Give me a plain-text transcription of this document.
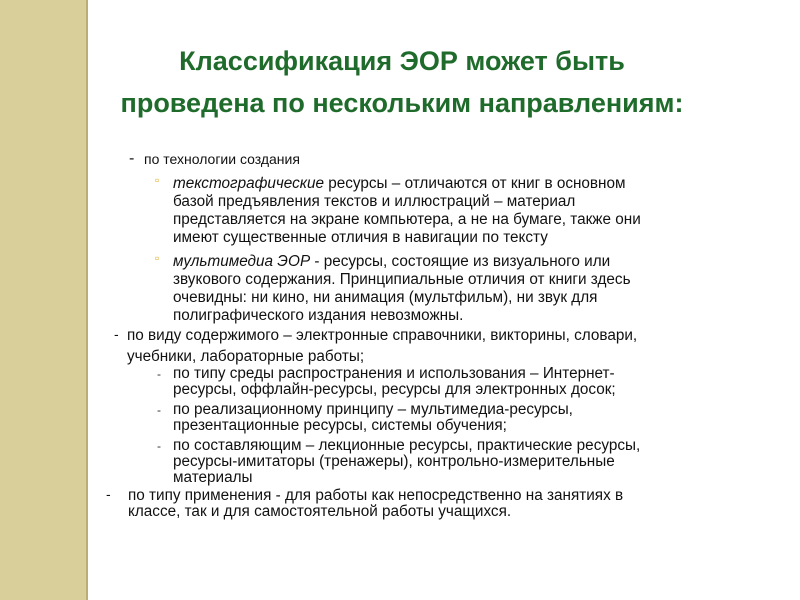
Классификация ЭОР может быть
проведена по нескольким направлениям:
- по технологии создания
▫ текстографические ресурсы – отличаются от книг в основном
базой предъявления текстов и иллюстраций – материал
представляется на экране компьютера, а не на бумаге, также они
имеют существенные отличия в навигации по тексту
▫ мультимедиа ЭОР - ресурсы, состоящие из визуального или
звукового содержания. Принципиальные отличия от книги здесь
очевидны: ни кино, ни анимация (мультфильм), ни звук для
полиграфического издания невозможны.
- по виду содержимого – электронные справочники, викторины, словари,
учебники, лабораторные работы;
- по типу среды распространения и использования – Интернет-
ресурсы, оффлайн-ресурсы, ресурсы для электронных досок;
- по реализационному принципу – мультимедиа-ресурсы,
презентационные ресурсы, системы обучения;
- по составляющим – лекционные ресурсы, практические ресурсы,
ресурсы-имитаторы (тренажеры), контрольно-измерительные
материалы
- по типу применения - для работы как непосредственно на занятиях в
классе, так и для самостоятельной работы учащихся.
